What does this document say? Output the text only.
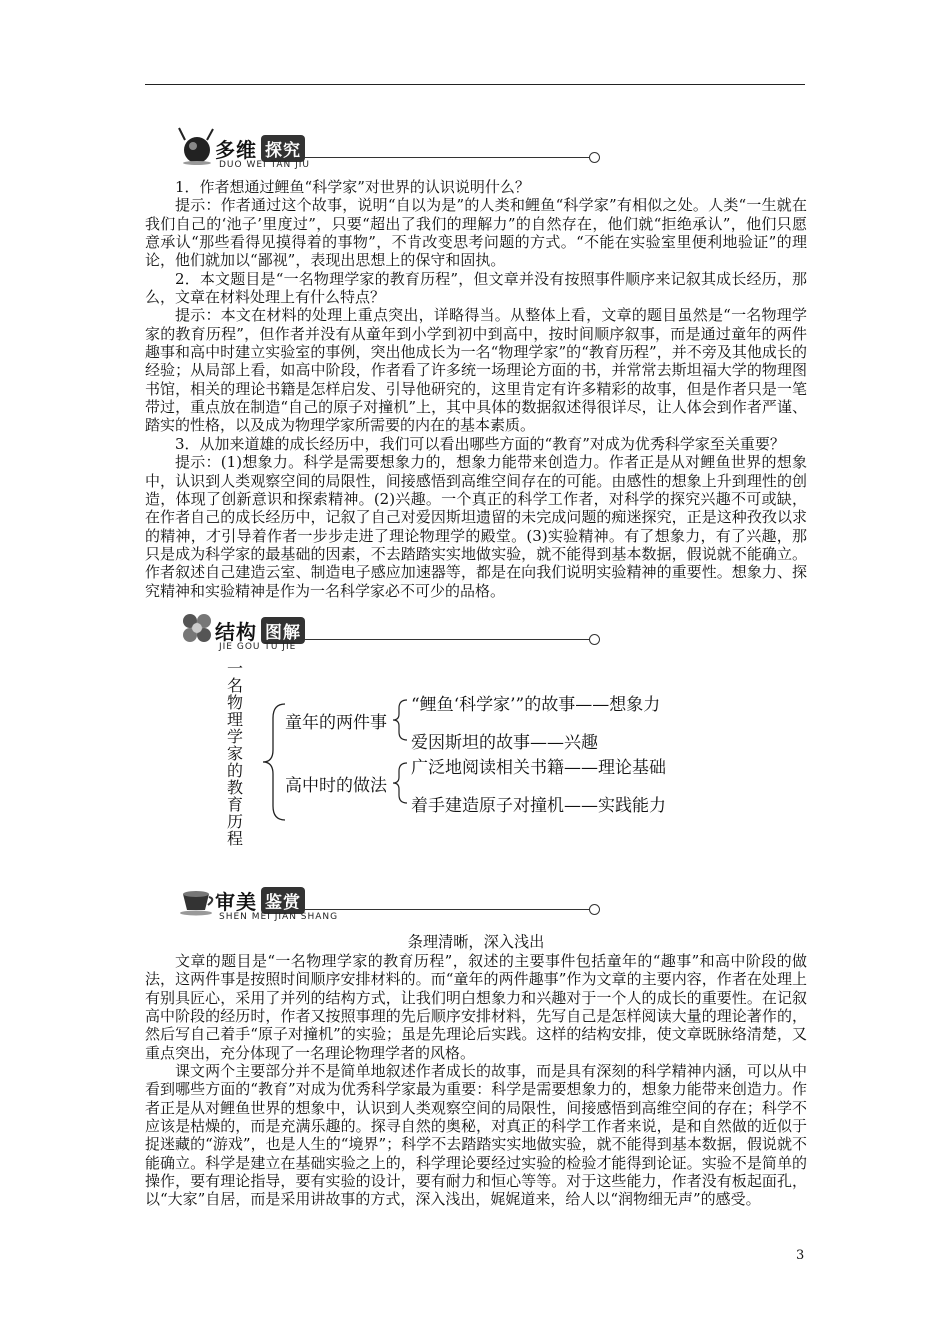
多维 探究
DUO WEI TAN JIU

1．作者想通过鲤鱼“科学家”对世界的认识说明什么？

提示：作者通过这个故事，说明“自以为是”的人类和鲤鱼“科学家”有相似之处。人类“一生就在我们自己的‘池子’里度过”，只要“超出了我们的理解力”的自然存在，他们就“拒绝承认”，他们只愿意承认“那些看得见摸得着的事物”，不肯改变思考问题的方式。“不能在实验室里便利地验证”的理论，他们就加以“鄙视”，表现出思想上的保守和固执。

2．本文题目是“一名物理学家的教育历程”，但文章并没有按照事件顺序来记叙其成长经历，那么，文章在材料处理上有什么特点？

提示：本文在材料的处理上重点突出，详略得当。从整体上看，文章的题目虽然是“一名物理学家的教育历程”，但作者并没有从童年到小学到初中到高中，按时间顺序叙事，而是通过童年的两件趣事和高中时建立实验室的事例，突出他成长为一名“物理学家”的“教育历程”，并不旁及其他成长的经验；从局部上看，如高中阶段，作者看了许多统一场理论方面的书，并常常去斯坦福大学的物理图书馆，相关的理论书籍是怎样启发、引导他研究的，这里肯定有许多精彩的故事，但是作者只是一笔带过，重点放在制造“自己的原子对撞机”上，其中具体的数据叙述得很详尽，让人体会到作者严谨、踏实的性格，以及成为物理学家所需要的内在的基本素质。

3．从加来道雄的成长经历中，我们可以看出哪些方面的“教育”对成为优秀科学家至关重要？

提示：(1)想象力。科学是需要想象力的，想象力能带来创造力。作者正是从对鲤鱼世界的想象中，认识到人类观察空间的局限性，间接感悟到高维空间存在的可能。由感性的想象上升到理性的创造，体现了创新意识和探索精神。(2)兴趣。一个真正的科学工作者，对科学的探究兴趣不可或缺，在作者自己的成长经历中，记叙了自己对爱因斯坦遗留的未完成问题的痴迷探究，正是这种孜孜以求的精神，才引导着作者一步步走进了理论物理学的殿堂。(3)实验精神。有了想象力，有了兴趣，那只是成为科学家的最基础的因素，不去踏踏实实地做实验，就不能得到基本数据，假说就不能确立。作者叙述自己建造云室、制造电子感应加速器等，都是在向我们说明实验精神的重要性。想象力、探究精神和实验精神是作为一名科学家必不可少的品格。

结构 图解
JIE GOU TU JIE
一
名
物
理
学
家
的
教
育
历
程
童年的两件事
“鲤鱼‘科学家’”的故事——想象力
爱因斯坦的故事——兴趣
高中时的做法
广泛地阅读相关书籍——理论基础
着手建造原子对撞机——实践能力
审美 鉴赏
SHEN MEI JIAN SHANG

条理清晰，深入浅出

文章的题目是“一名物理学家的教育历程”，叙述的主要事件包括童年的“趣事”和高中阶段的做法，这两件事是按照时间顺序安排材料的。而“童年的两件趣事”作为文章的主要内容，作者在处理上有别具匠心，采用了并列的结构方式，让我们明白想象力和兴趣对于一个人的成长的重要性。在记叙高中阶段的经历时，作者又按照事理的先后顺序安排材料，先写自己是怎样阅读大量的理论著作的，然后写自己着手“原子对撞机”的实验；虽是先理论后实践。这样的结构安排，使文章既脉络清楚，又重点突出，充分体现了一名理论物理学者的风格。

课文两个主要部分并不是简单地叙述作者成长的故事，而是具有深刻的科学精神内涵，可以从中看到哪些方面的“教育”对成为优秀科学家最为重要：科学是需要想象力的，想象力能带来创造力。作者正是从对鲤鱼世界的想象中，认识到人类观察空间的局限性，间接感悟到高维空间的存在；科学不应该是枯燥的，而是充满乐趣的。探寻自然的奥秘，对真正的科学工作者来说，是和自然做的近似于捉迷藏的“游戏”，也是人生的“境界”；科学不去踏踏实实地做实验，就不能得到基本数据，假说就不能确立。科学是建立在基础实验之上的，科学理论要经过实验的检验才能得到论证。实验不是简单的操作，要有理论指导，要有实验的设计，要有耐力和恒心等等。对于这些能力，作者没有板起面孔，以“大家”自居，而是采用讲故事的方式，深入浅出，娓娓道来，给人以“润物细无声”的感受。

3
